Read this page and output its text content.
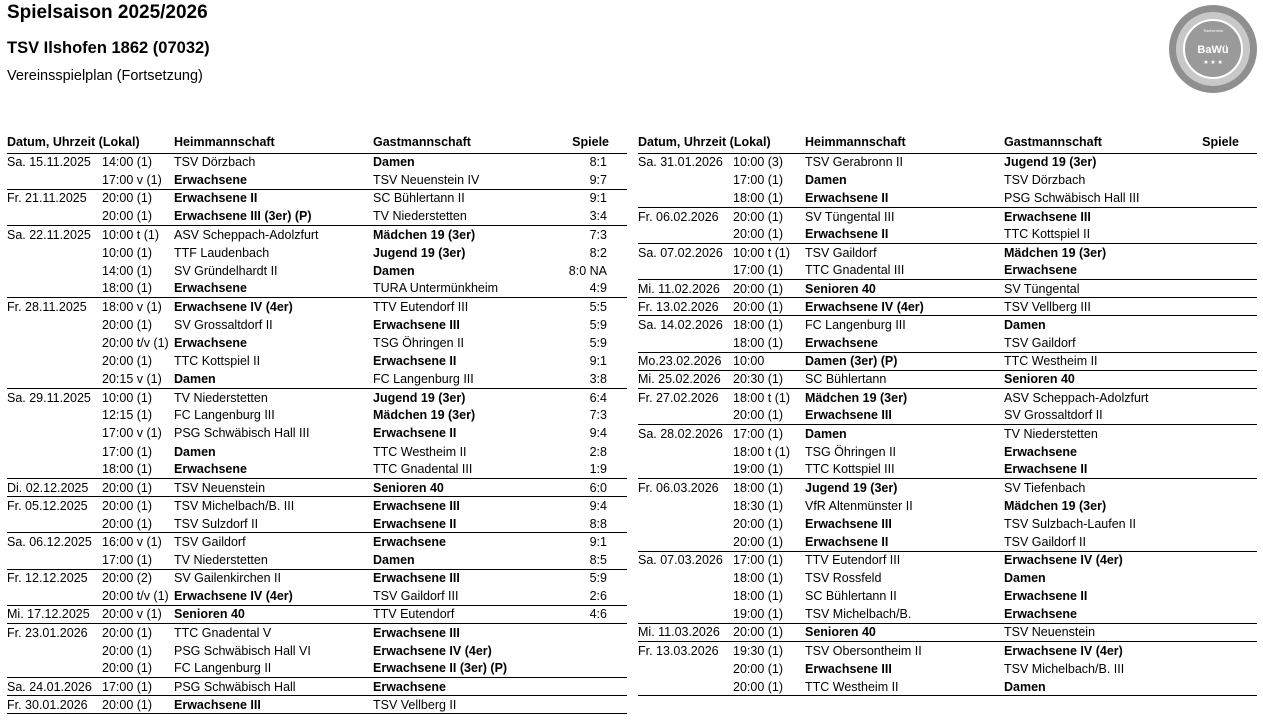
Spielsaison 2025/2026
TSV Ilshofen 1862 (07032)
Vereinsspielplan (Fortsetzung)
Tischtennis
BaWü
★ ★ ★
Datum, Uhrzeit (Lokal)		Heimmannschaft	Gastmannschaft	Spiele
Sa. 15.11.2025	14:00 (1)	TSV Dörzbach	Damen	8:1
	17:00 v (1)	Erwachsene	TSV Neuenstein IV	9:7
Fr. 21.11.2025	20:00 (1)	Erwachsene II	SC Bühlertann II	9:1
	20:00 (1)	Erwachsene III (3er) (P)	TV Niederstetten	3:4
Sa. 22.11.2025	10:00 t (1)	ASV Scheppach-Adolzfurt	Mädchen 19 (3er)	7:3
	10:00 (1)	TTF Laudenbach	Jugend 19 (3er)	8:2
	14:00 (1)	SV Gründelhardt II	Damen	8:0 NA
	18:00 (1)	Erwachsene	TURA Untermünkheim	4:9
Fr. 28.11.2025	18:00 v (1)	Erwachsene IV (4er)	TTV Eutendorf III	5:5
	20:00 (1)	SV Grossaltdorf II	Erwachsene III	5:9
	20:00 t/v (1)	Erwachsene	TSG Öhringen II	5:9
	20:00 (1)	TTC Kottspiel II	Erwachsene II	9:1
	20:15 v (1)	Damen	FC Langenburg III	3:8
Sa. 29.11.2025	10:00 (1)	TV Niederstetten	Jugend 19 (3er)	6:4
	12:15 (1)	FC Langenburg III	Mädchen 19 (3er)	7:3
	17:00 v (1)	PSG Schwäbisch Hall III	Erwachsene II	9:4
	17:00 (1)	Damen	TTC Westheim II	2:8
	18:00 (1)	Erwachsene	TTC Gnadental III	1:9
Di. 02.12.2025	20:00 (1)	TSV Neuenstein	Senioren 40	6:0
Fr. 05.12.2025	20:00 (1)	TSV Michelbach/B. III	Erwachsene III	9:4
	20:00 (1)	TSV Sulzdorf II	Erwachsene II	8:8
Sa. 06.12.2025	16:00 v (1)	TSV Gaildorf	Erwachsene	9:1
	17:00 (1)	TV Niederstetten	Damen	8:5
Fr. 12.12.2025	20:00 (2)	SV Gailenkirchen II	Erwachsene III	5:9
	20:00 t/v (1)	Erwachsene IV (4er)	TSV Gaildorf III	2:6
Mi. 17.12.2025	20:00 v (1)	Senioren 40	TTV Eutendorf	4:6
Fr. 23.01.2026	20:00 (1)	TTC Gnadental V	Erwachsene III	
	20:00 (1)	PSG Schwäbisch Hall VI	Erwachsene IV (4er)	
	20:00 (1)	FC Langenburg II	Erwachsene II (3er) (P)	
Sa. 24.01.2026	17:00 (1)	PSG Schwäbisch Hall	Erwachsene	
Fr. 30.01.2026	20:00 (1)	Erwachsene III	TSV Vellberg II	
Datum, Uhrzeit (Lokal)		Heimmannschaft	Gastmannschaft	Spiele
Sa. 31.01.2026	10:00 (3)	TSV Gerabronn II	Jugend 19 (3er)	
	17:00 (1)	Damen	TSV Dörzbach	
	18:00 (1)	Erwachsene II	PSG Schwäbisch Hall III	
Fr. 06.02.2026	20:00 (1)	SV Tüngental III	Erwachsene III	
	20:00 (1)	Erwachsene II	TTC Kottspiel II	
Sa. 07.02.2026	10:00 t (1)	TSV Gaildorf	Mädchen 19 (3er)	
	17:00 (1)	TTC Gnadental III	Erwachsene	
Mi. 11.02.2026	20:00 (1)	Senioren 40	SV Tüngental	
Fr. 13.02.2026	20:00 (1)	Erwachsene IV (4er)	TSV Vellberg III	
Sa. 14.02.2026	18:00 (1)	FC Langenburg III	Damen	
	18:00 (1)	Erwachsene	TSV Gaildorf	
Mo.23.02.2026	10:00	Damen (3er) (P)	TTC Westheim II	
Mi. 25.02.2026	20:30 (1)	SC Bühlertann	Senioren 40	
Fr. 27.02.2026	18:00 t (1)	Mädchen 19 (3er)	ASV Scheppach-Adolzfurt	
	20:00 (1)	Erwachsene III	SV Grossaltdorf II	
Sa. 28.02.2026	17:00 (1)	Damen	TV Niederstetten	
	18:00 t (1)	TSG Öhringen II	Erwachsene	
	19:00 (1)	TTC Kottspiel III	Erwachsene II	
Fr. 06.03.2026	18:00 (1)	Jugend 19 (3er)	SV Tiefenbach	
	18:30 (1)	VfR Altenmünster II	Mädchen 19 (3er)	
	20:00 (1)	Erwachsene III	TSV Sulzbach-Laufen II	
	20:00 (1)	Erwachsene II	TSV Gaildorf II	
Sa. 07.03.2026	17:00 (1)	TTV Eutendorf III	Erwachsene IV (4er)	
	18:00 (1)	TSV Rossfeld	Damen	
	18:00 (1)	SC Bühlertann II	Erwachsene II	
	19:00 (1)	TSV Michelbach/B.	Erwachsene	
Mi. 11.03.2026	20:00 (1)	Senioren 40	TSV Neuenstein	
Fr. 13.03.2026	19:30 (1)	TSV Obersontheim II	Erwachsene IV (4er)	
	20:00 (1)	Erwachsene III	TSV Michelbach/B. III	
	20:00 (1)	TTC Westheim II	Damen	
